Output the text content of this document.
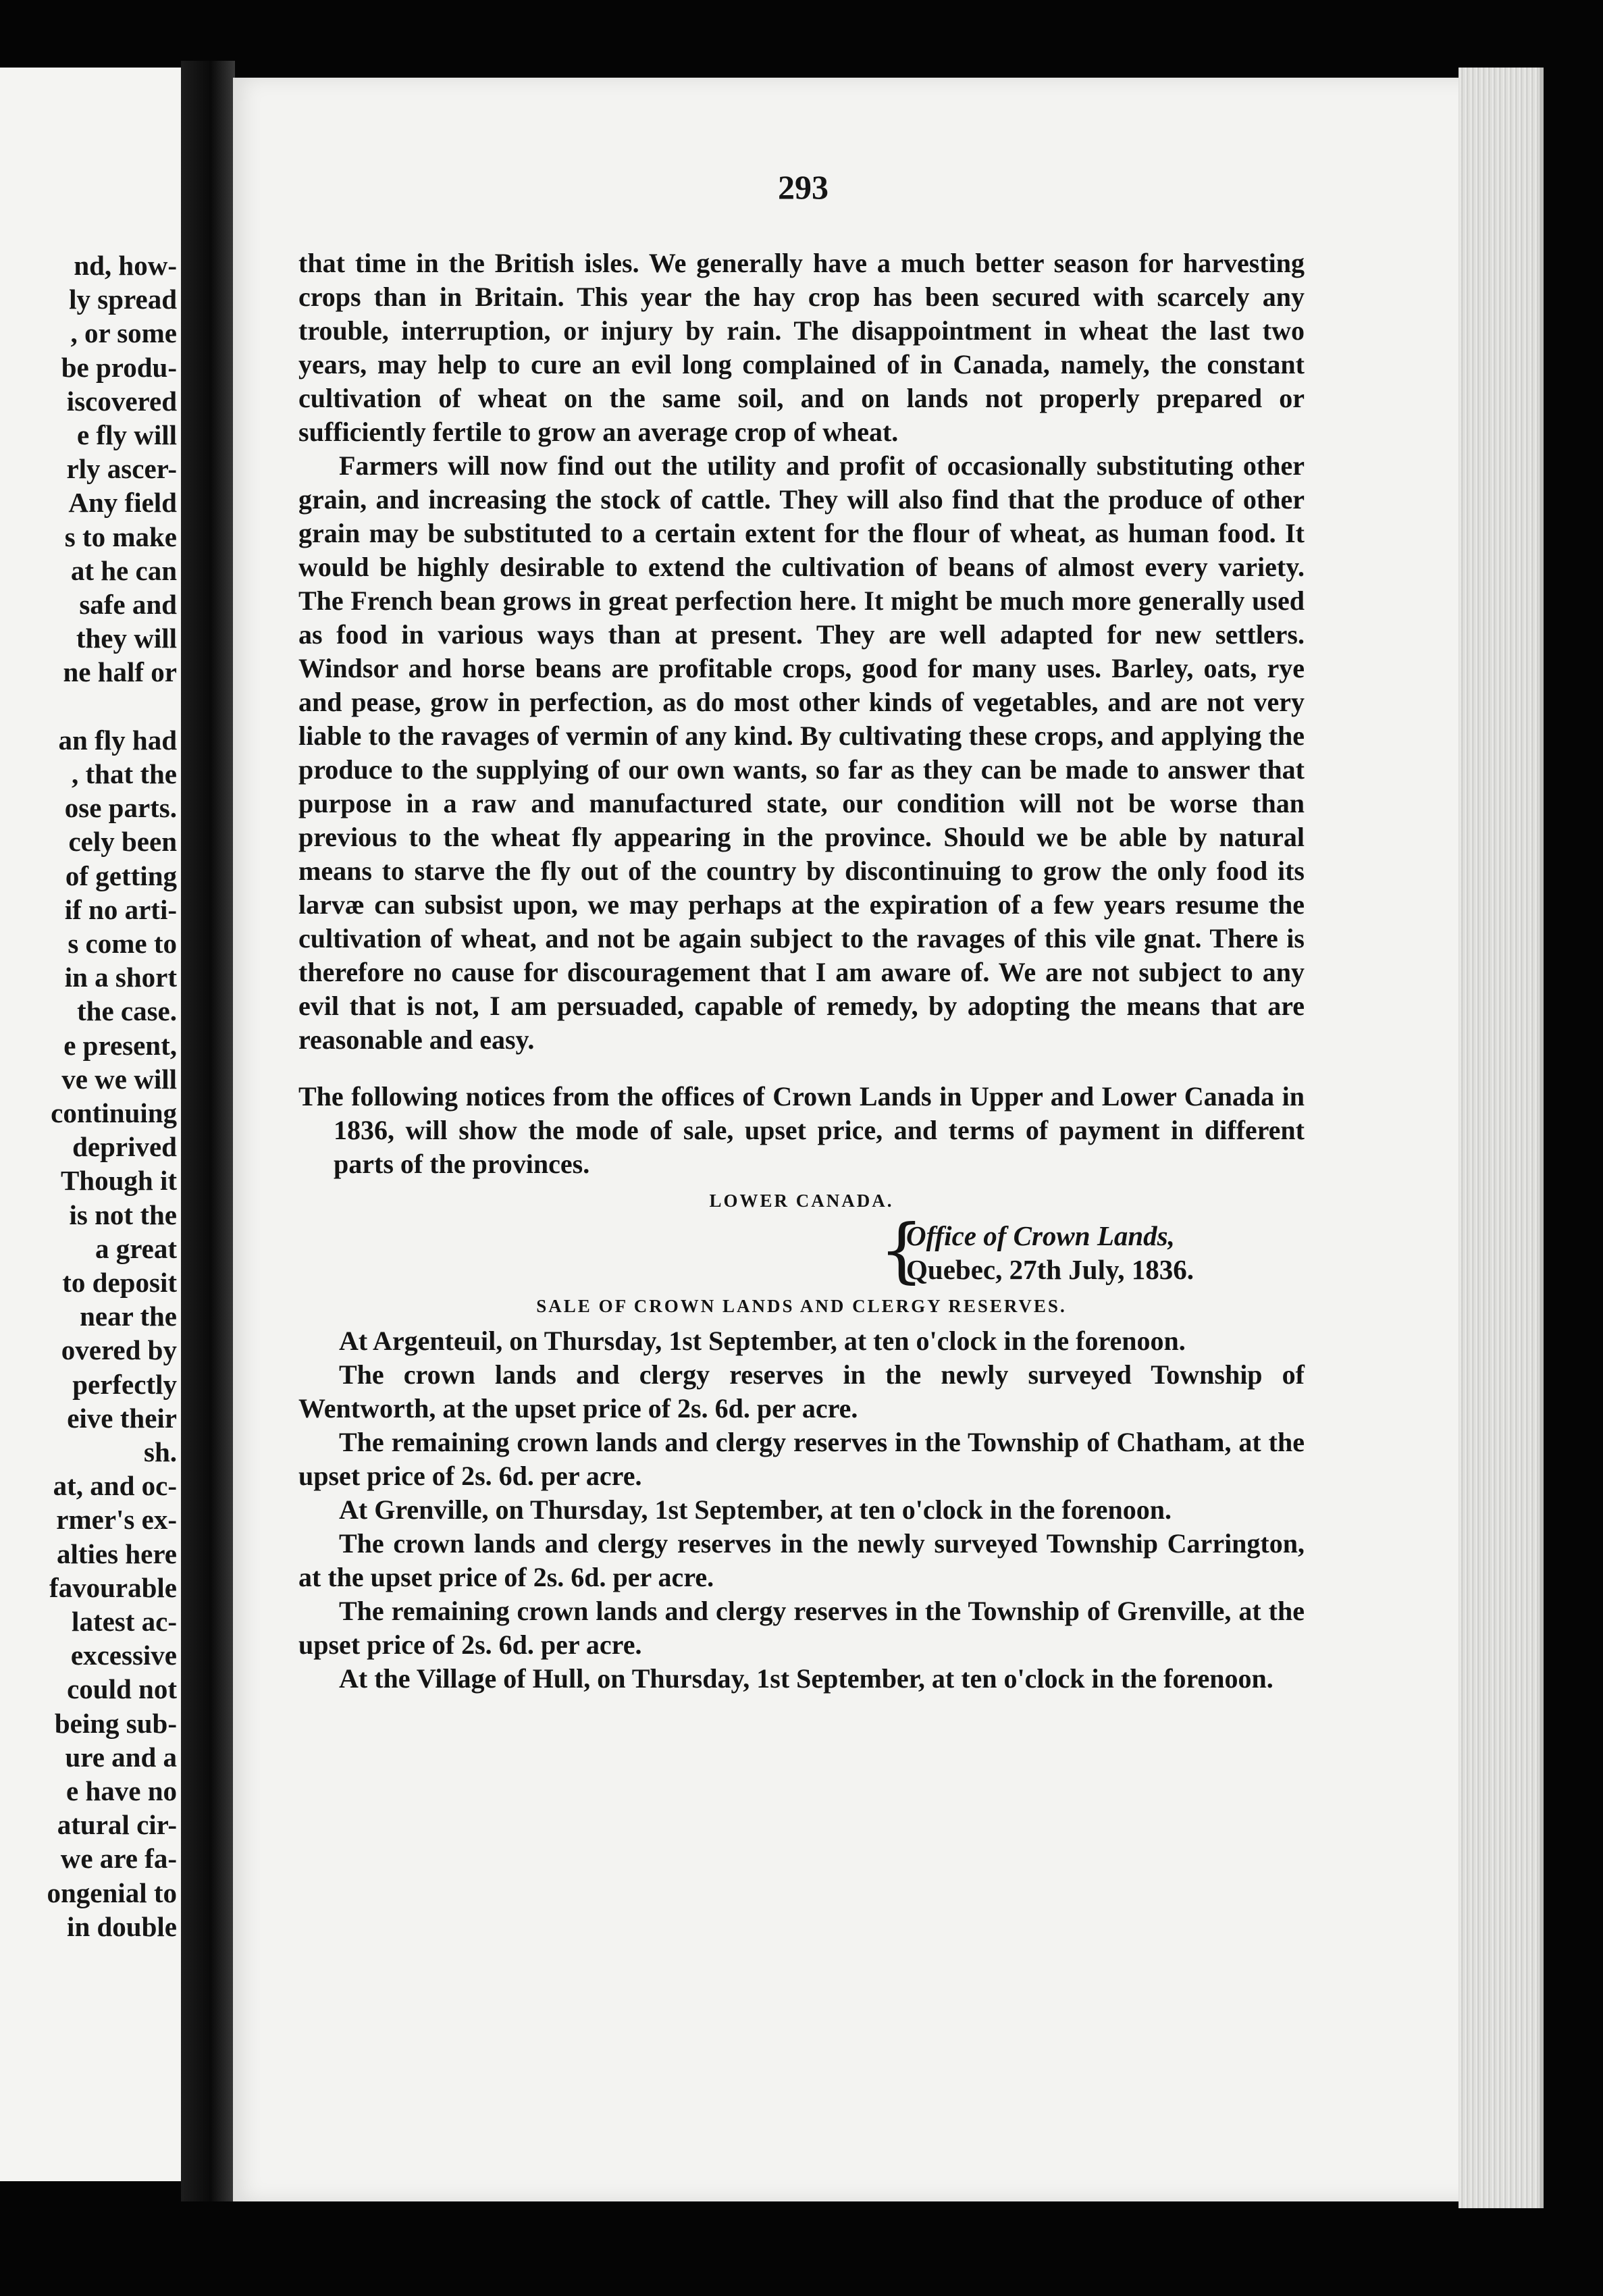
nd, how-
ly spread
, or some
be produ-
iscovered
e fly will
rly ascer-
Any field
s to make
at he can
safe and
they will
ne half or
an fly had
, that the
ose parts.
cely been
of getting
if no arti-
s come to
in a short
the case.
e present,
ve we will
continuing
deprived
Though it
is not the
a great
to deposit
near the
overed by
perfectly
eive their
sh.
at, and oc-
rmer's ex-
alties here
favourable
latest ac-
excessive
could not
being sub-
ure and a
e have no
atural cir-
we are fa-
ongenial to
in double
293

that time in the British isles. We generally have a much better season for harvesting crops than in Britain. This year the hay crop has been secured with scarcely any trouble, interruption, or injury by rain. The disappointment in wheat the last two years, may help to cure an evil long complained of in Canada, namely, the constant cultivation of wheat on the same soil, and on lands not properly prepared or sufficiently fertile to grow an average crop of wheat.

Farmers will now find out the utility and profit of occasionally substituting other grain, and increasing the stock of cattle. They will also find that the produce of other grain may be substituted to a certain extent for the flour of wheat, as human food. It would be highly desirable to extend the cultivation of beans of almost every variety. The French bean grows in great perfection here. It might be much more generally used as food in various ways than at present. They are well adapted for new settlers. Windsor and horse beans are profitable crops, good for many uses. Barley, oats, rye and pease, grow in perfection, as do most other kinds of vegetables, and are not very liable to the ravages of vermin of any kind. By cultivating these crops, and applying the produce to the supplying of our own wants, so far as they can be made to answer that purpose in a raw and manufactured state, our condition will not be worse than previous to the wheat fly appearing in the province. Should we be able by natural means to starve the fly out of the country by discontinuing to grow the only food its larvæ can subsist upon, we may perhaps at the expiration of a few years resume the cultivation of wheat, and not be again subject to the ravages of this vile gnat. There is therefore no cause for discouragement that I am aware of. We are not subject to any evil that is not, I am persuaded, capable of remedy, by adopting the means that are reasonable and easy.

The following notices from the offices of Crown Lands in Upper and Lower Canada in 1836, will show the mode of sale, upset price, and terms of payment in different parts of the provinces.

LOWER CANADA.

{
Office of Crown Lands,
Quebec, 27th July, 1836.

SALE OF CROWN LANDS AND CLERGY RESERVES.

At Argenteuil, on Thursday, 1st September, at ten o'clock in the forenoon.

The crown lands and clergy reserves in the newly surveyed Township of Wentworth, at the upset price of 2s. 6d. per acre.

The remaining crown lands and clergy reserves in the Township of Chatham, at the upset price of 2s. 6d. per acre.

At Grenville, on Thursday, 1st September, at ten o'clock in the forenoon.

The crown lands and clergy reserves in the newly surveyed Township Carrington, at the upset price of 2s. 6d. per acre.

The remaining crown lands and clergy reserves in the Township of Grenville, at the upset price of 2s. 6d. per acre.

At the Village of Hull, on Thursday, 1st September, at ten o'clock in the forenoon.
